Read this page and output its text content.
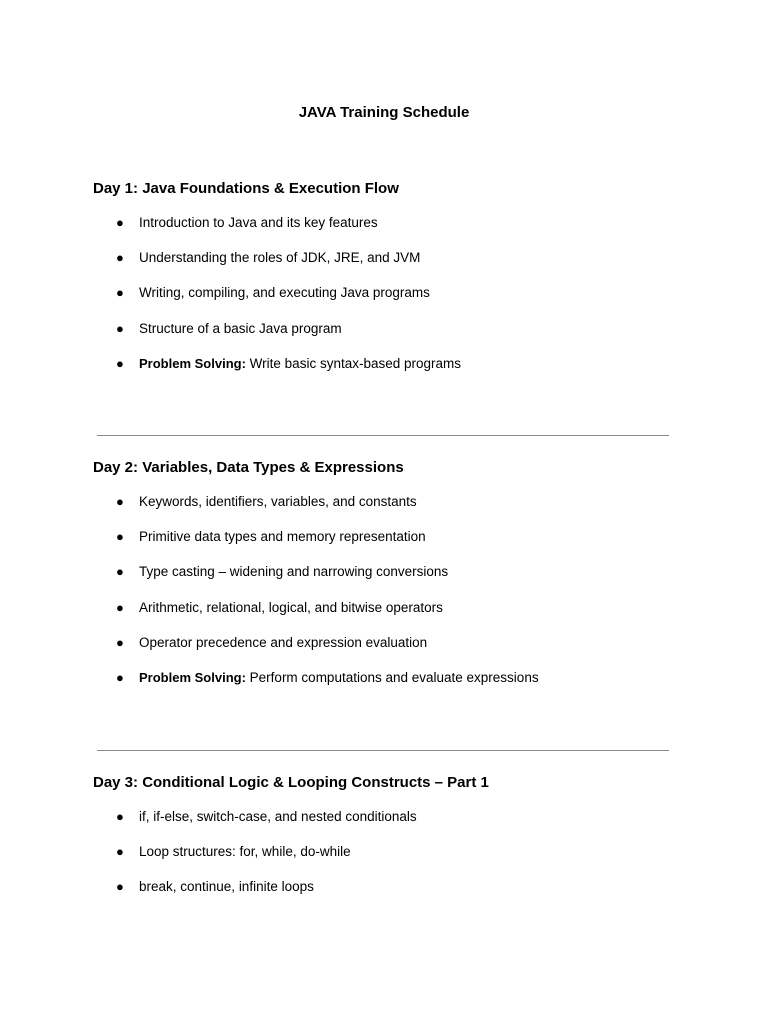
JAVA Training Schedule
Day 1: Java Foundations & Execution Flow
● Introduction to Java and its key features
● Understanding the roles of JDK, JRE, and JVM
● Writing, compiling, and executing Java programs
● Structure of a basic Java program
● Problem Solving: Write basic syntax-based programs
Day 2: Variables, Data Types & Expressions
● Keywords, identifiers, variables, and constants
● Primitive data types and memory representation
● Type casting – widening and narrowing conversions
● Arithmetic, relational, logical, and bitwise operators
● Operator precedence and expression evaluation
● Problem Solving: Perform computations and evaluate expressions
Day 3: Conditional Logic & Looping Constructs – Part 1
● if, if-else, switch-case, and nested conditionals
● Loop structures: for, while, do-while
● break, continue, infinite loops
